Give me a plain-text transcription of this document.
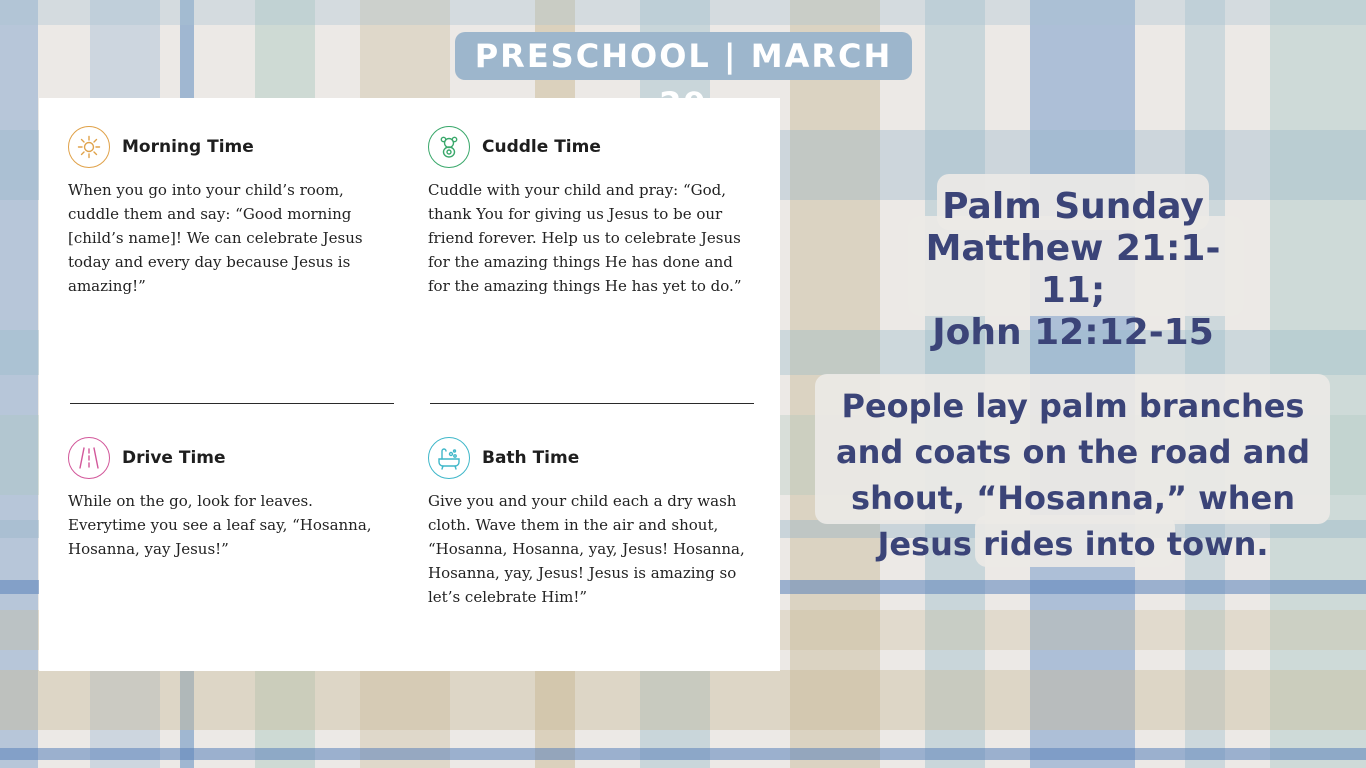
PRESCHOOL | MARCH
Morning Time
When you go into your child’s room, cuddle them and say: “Good morning [child’s name]! We can celebrate Jesus today and every day because Jesus is amazing!”
Cuddle Time
Cuddle with your child and pray: “God, thank You for giving us Jesus to be our friend forever. Help us to celebrate Jesus for the amazing things He has done and for the amazing things He has yet to do.”
Drive Time
While on the go, look for leaves. Everytime you see a leaf say, “Hosanna, Hosanna, yay Jesus!”
Bath Time
Give you and your child each a dry wash cloth. Wave them in the air and shout, “Hosanna, Hosanna, yay, Jesus! Hosanna, Hosanna, yay, Jesus! Jesus is amazing so let’s celebrate Him!”
Palm Sunday
Matthew 21:1-11;
John 12:12-15
People lay palm branches and coats on the road and shout, “Hosanna,” when Jesus rides into town.
